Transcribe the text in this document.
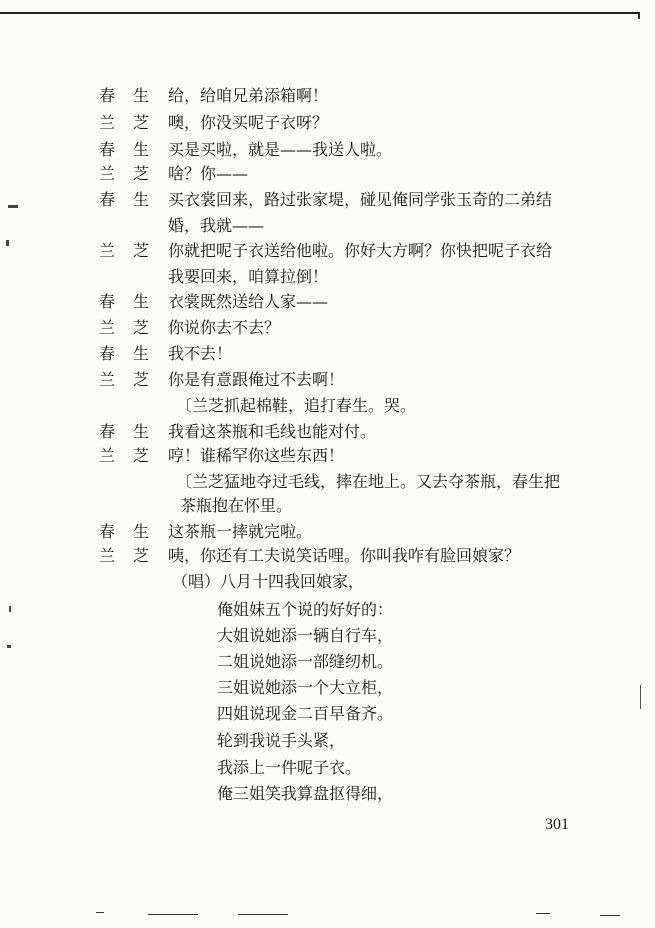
春生 给，给咱兄弟添箱啊！
兰芝 噢，你没买呢子衣呀？
春生 买是买啦，就是——我送人啦。
兰芝 啥？你——
春生 买衣裳回来，路过张家堤，碰见俺同学张玉奇的二弟结
婚，我就——
兰芝 你就把呢子衣送给他啦。你好大方啊？你快把呢子衣给
我要回来，咱算拉倒！
春生 衣裳既然送给人家——
兰芝 你说你去不去？
春生 我不去！
兰芝 你是有意跟俺过不去啊！
〔兰芝抓起棉鞋，追打春生。哭。
春生 我看这茶瓶和毛线也能对付。
兰芝 哼！谁稀罕你这些东西！
〔兰芝猛地夺过毛线，摔在地上。又去夺茶瓶，春生把
茶瓶抱在怀里。
春生 这茶瓶一摔就完啦。
兰芝 咦，你还有工夫说笑话哩。你叫我咋有脸回娘家？
（唱）八月十四我回娘家，
俺姐妹五个说的好好的：
大姐说她添一辆自行车，
二姐说她添一部缝纫机。
三姐说她添一个大立柜，
四姐说现金二百早备齐。
轮到我说手头紧，
我添上一件呢子衣。
俺三姐笑我算盘抠得细，
301
